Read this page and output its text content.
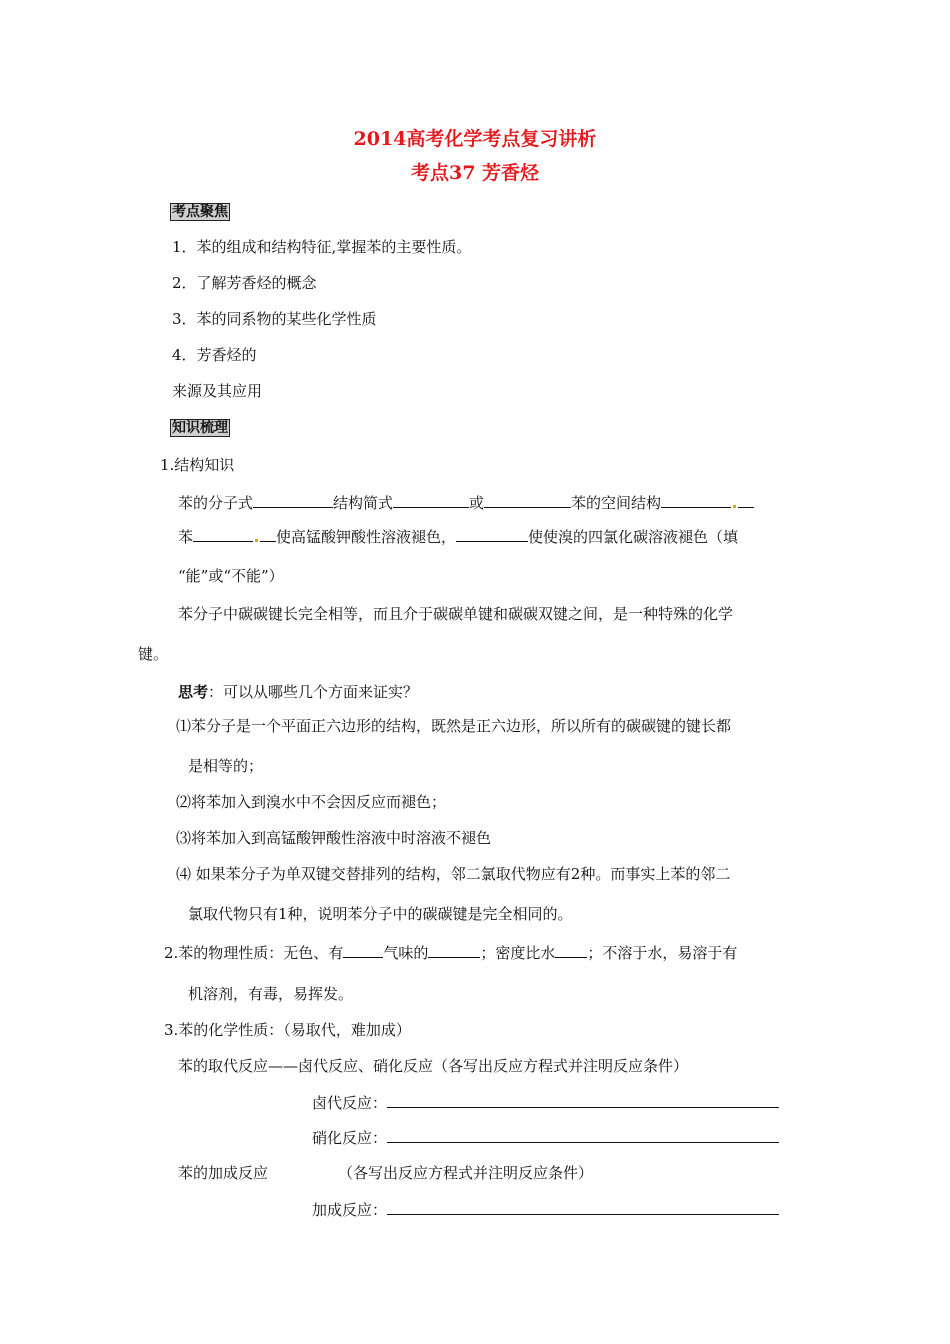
2014高考化学考点复习讲析
考点37 芳香烃
考点聚焦
1．苯的组成和结构特征,掌握苯的主要性质。
2．了解芳香烃的概念
3．苯的同系物的某些化学性质
4．芳香烃的
来源及其应用
知识梳理
1.结构知识
苯的分子式	结构简式	或	苯的空间结构
苯	使高锰酸钾酸性溶液褪色，	使使溴的四氯化碳溶液褪色（填
“能”或“不能”）
苯分子中碳碳键长完全相等，而且介于碳碳单键和碳碳双键之间，是一种特殊的化学
键。
思考：可以从哪些几个方面来证实？
⑴苯分子是一个平面正六边形的结构，既然是正六边形，所以所有的碳碳键的键长都
是相等的；
⑵将苯加入到溴水中不会因反应而褪色；
⑶将苯加入到高锰酸钾酸性溶液中时溶液不褪色
⑷ 如果苯分子为单双键交替排列的结构，邻二氯取代物应有2种。而事实上苯的邻二
氯取代物只有1种，说明苯分子中的碳碳键是完全相同的。
2.苯的物理性质：无色、有	气味的	；密度比水 ；不溶于水，易溶于有
机溶剂，有毒，易挥发。
3.苯的化学性质：（易取代，难加成）
苯的取代反应——卤代反应、硝化反应（各写出反应方程式并注明反应条件）
卤代反应：
硝化反应：
苯的加成反应	（各写出反应方程式并注明反应条件）
加成反应：
